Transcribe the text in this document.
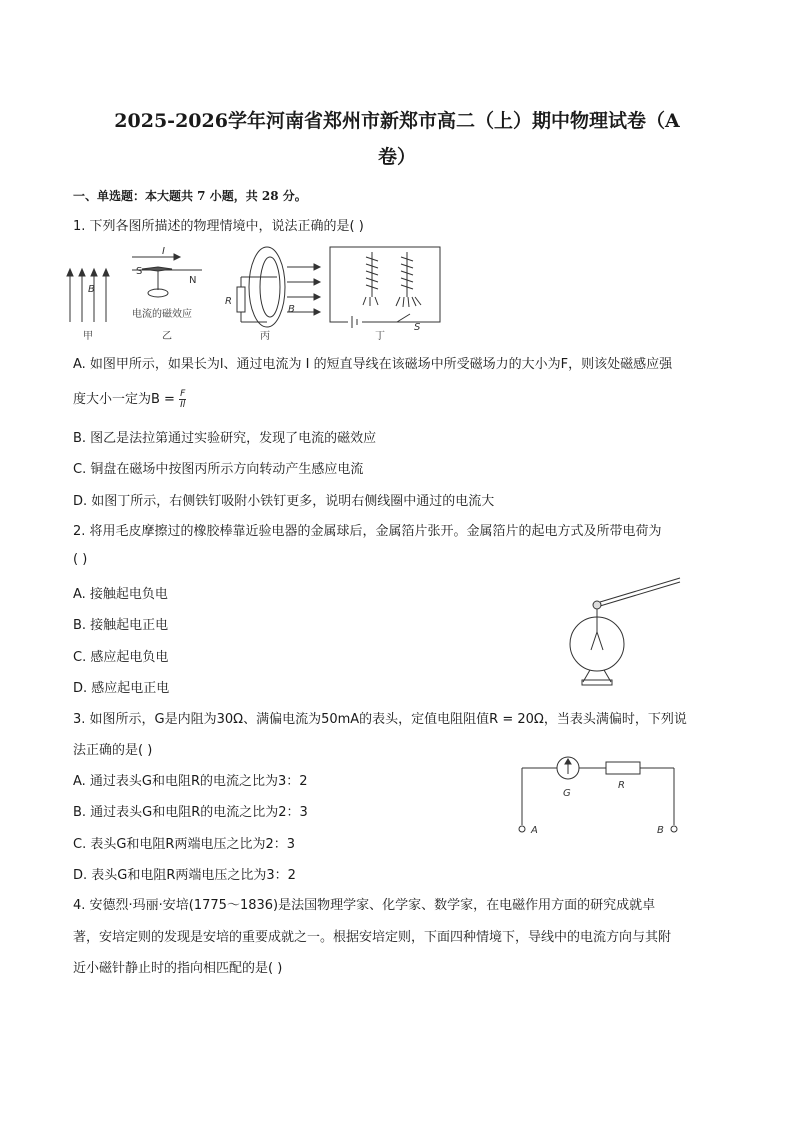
2025-2026学年河南省郑州市新郑市高二（上）期中物理试卷（A
卷）
一、单选题：本大题共 7 小题，共 28 分。
1. 下列各图所描述的物理情境中，说法正确的是( )
B
甲
I
S
N
电流的磁效应
乙
R
B
丙
S
丁
A. 如图甲所示，如果长为l、通过电流为 I 的短直导线在该磁场中所受磁场力的大小为F，则该处磁感应强
度大小一定为$B = \frac{F}{Il}$
B. 图乙是法拉第通过实验研究，发现了电流的磁效应
C. 铜盘在磁场中按图丙所示方向转动产生感应电流
D. 如图丁所示，右侧铁钉吸附小铁钉更多，说明右侧线圈中通过的电流大
2. 将用毛皮摩擦过的橡胶棒靠近验电器的金属球后，金属箔片张开。金属箔片的起电方式及所带电荷为
( )
A. 接触起电负电
B. 接触起电正电
C. 感应起电负电
D. 感应起电正电
3. 如图所示，G是内阻为30Ω、满偏电流为50mA的表头，定值电阻阻值R = 20Ω，当表头满偏时，下列说
法正确的是( )
A. 通过表头G和电阻R的电流之比为3：2
B. 通过表头G和电阻R的电流之比为2：3
C. 表头G和电阻R两端电压之比为2：3
D. 表头G和电阻R两端电压之比为3：2
G
R
A	B
4. 安德烈·玛丽·安培(1775～1836)是法国物理学家、化学家、数学家，在电磁作用方面的研究成就卓
著，安培定则的发现是安培的重要成就之一。根据安培定则，下面四种情境下，导线中的电流方向与其附
近小磁针静止时的指向相匹配的是( )
